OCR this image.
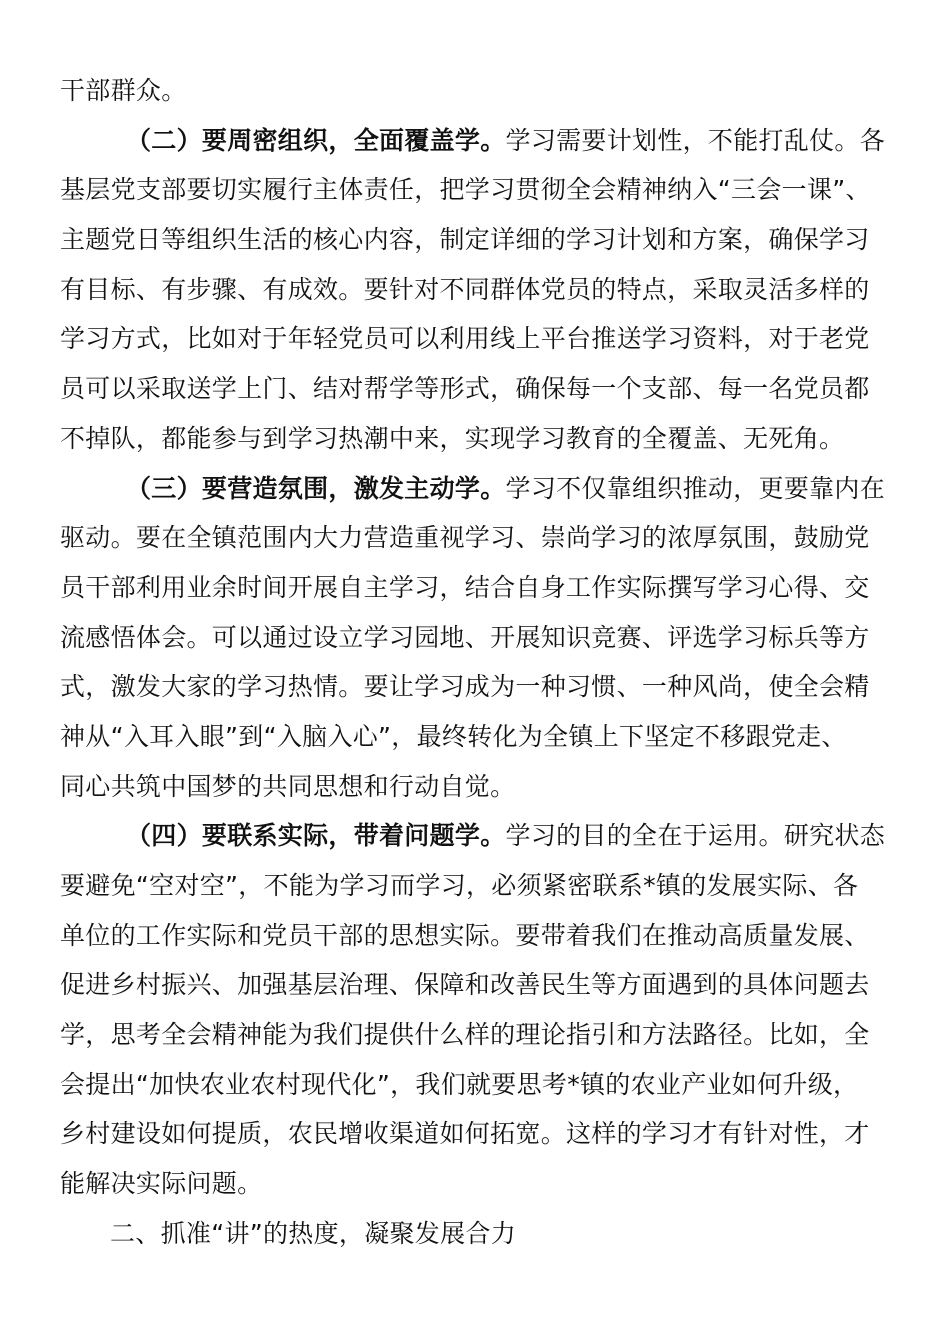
干部群众。
（二）要周密组织，全面覆盖学。学习需要计划性，不能打乱仗。各
基层党支部要切实履行主体责任，把学习贯彻全会精神纳入“三会一课”、
主题党日等组织生活的核心内容，制定详细的学习计划和方案，确保学习
有目标、有步骤、有成效。要针对不同群体党员的特点，采取灵活多样的
学习方式，比如对于年轻党员可以利用线上平台推送学习资料，对于老党
员可以采取送学上门、结对帮学等形式，确保每一个支部、每一名党员都
不掉队，都能参与到学习热潮中来，实现学习教育的全覆盖、无死角。
（三）要营造氛围，激发主动学。学习不仅靠组织推动，更要靠内在
驱动。要在全镇范围内大力营造重视学习、崇尚学习的浓厚氛围，鼓励党
员干部利用业余时间开展自主学习，结合自身工作实际撰写学习心得、交
流感悟体会。可以通过设立学习园地、开展知识竞赛、评选学习标兵等方
式，激发大家的学习热情。要让学习成为一种习惯、一种风尚，使全会精
神从“入耳入眼”到“入脑入心”，最终转化为全镇上下坚定不移跟党走、
同心共筑中国梦的共同思想和行动自觉。
（四）要联系实际，带着问题学。学习的目的全在于运用。研究状态
要避免“空对空”，不能为学习而学习，必须紧密联系*镇的发展实际、各
单位的工作实际和党员干部的思想实际。要带着我们在推动高质量发展、
促进乡村振兴、加强基层治理、保障和改善民生等方面遇到的具体问题去
学，思考全会精神能为我们提供什么样的理论指引和方法路径。比如，全
会提出“加快农业农村现代化”，我们就要思考*镇的农业产业如何升级，
乡村建设如何提质，农民增收渠道如何拓宽。这样的学习才有针对性，才
能解决实际问题。
二、抓准“讲”的热度，凝聚发展合力
